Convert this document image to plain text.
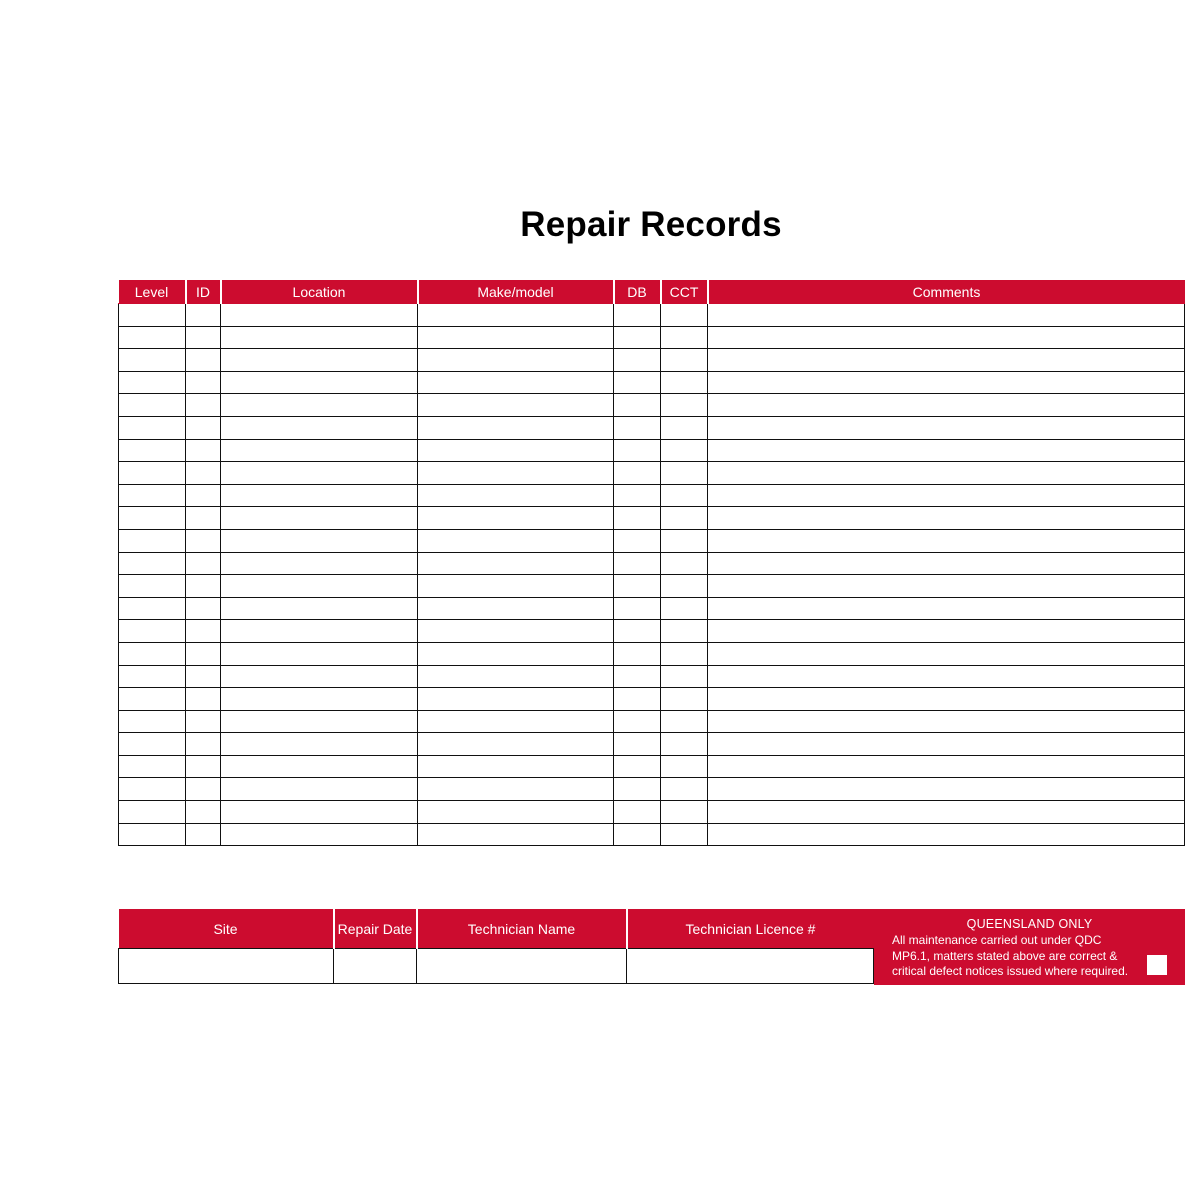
Repair Records
Level	ID	Location	Make/model	DB	CCT	Comments

Site	Repair Date	Technician Name	Technician Licence #
				QUEENSLAND ONLY
All maintenance carried out under QDC MP6.1, matters stated above are correct & critical defect notices issued where required.
